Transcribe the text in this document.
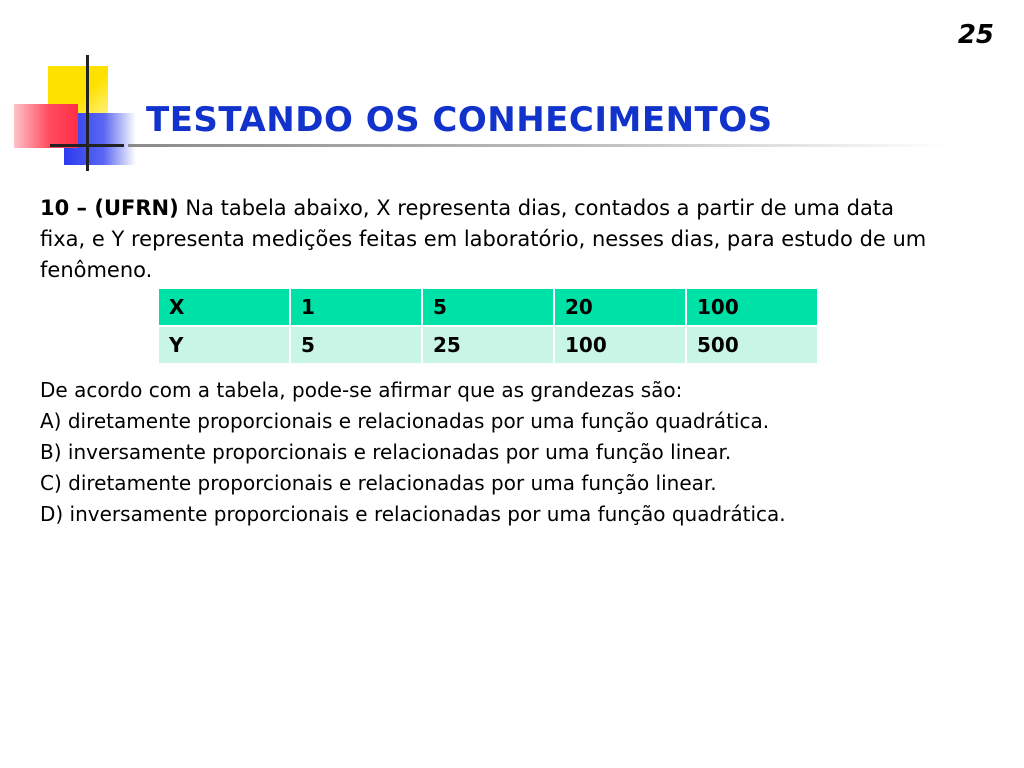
25
TESTANDO OS CONHECIMENTOS

10 – (UFRN) Na tabela abaixo, X representa dias, contados a partir de uma data fixa, e Y representa medições feitas em laboratório, nesses dias, para estudo de um fenômeno.

X	1	5	20	100
Y	5	25	100	500
De acordo com a tabela, pode-se afirmar que as grandezas são:
A) diretamente proporcionais e relacionadas por uma função quadrática.
B) inversamente proporcionais e relacionadas por uma função linear.
C) diretamente proporcionais e relacionadas por uma função linear.
D) inversamente proporcionais e relacionadas por uma função quadrática.
